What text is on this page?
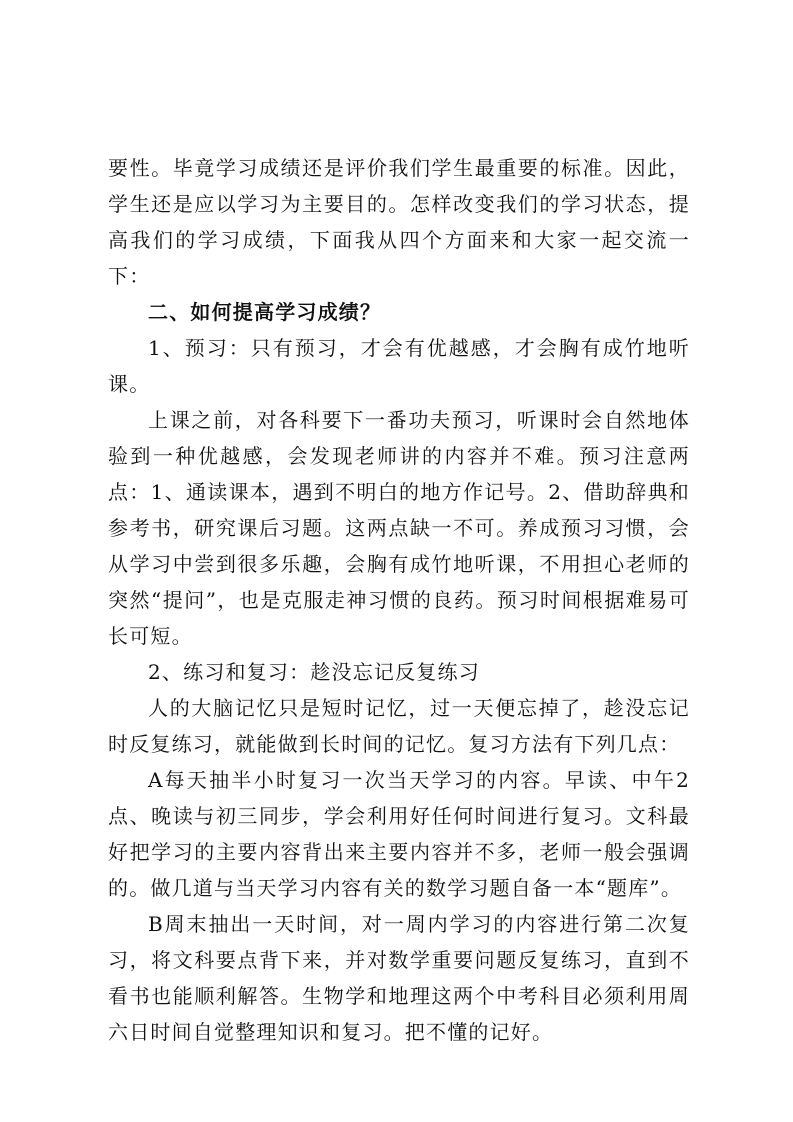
要性。毕竟学习成绩还是评价我们学生最重要的标准。因此，学生还是应以学习为主要目的。怎样改变我们的学习状态，提高我们的学习成绩，下面我从四个方面来和大家一起交流一下：

二、如何提高学习成绩？

1、预习：只有预习，才会有优越感，才会胸有成竹地听课。

上课之前，对各科要下一番功夫预习，听课时会自然地体验到一种优越感，会发现老师讲的内容并不难。预习注意两点：1、通读课本，遇到不明白的地方作记号。2、借助辞典和参考书，研究课后习题。这两点缺一不可。养成预习习惯，会从学习中尝到很多乐趣，会胸有成竹地听课，不用担心老师的突然“提问”，也是克服走神习惯的良药。预习时间根据难易可长可短。

2、练习和复习：趁没忘记反复练习

人的大脑记忆只是短时记忆，过一天便忘掉了，趁没忘记时反复练习，就能做到长时间的记忆。复习方法有下列几点：

A每天抽半小时复习一次当天学习的内容。早读、中午2点、晚读与初三同步，学会利用好任何时间进行复习。文科最好把学习的主要内容背出来主要内容并不多，老师一般会强调的。做几道与当天学习内容有关的数学习题自备一本“题库”。

B周末抽出一天时间，对一周内学习的内容进行第二次复习，将文科要点背下来，并对数学重要问题反复练习，直到不看书也能顺利解答。生物学和地理这两个中考科目必须利用周六日时间自觉整理知识和复习。把不懂的记好。
